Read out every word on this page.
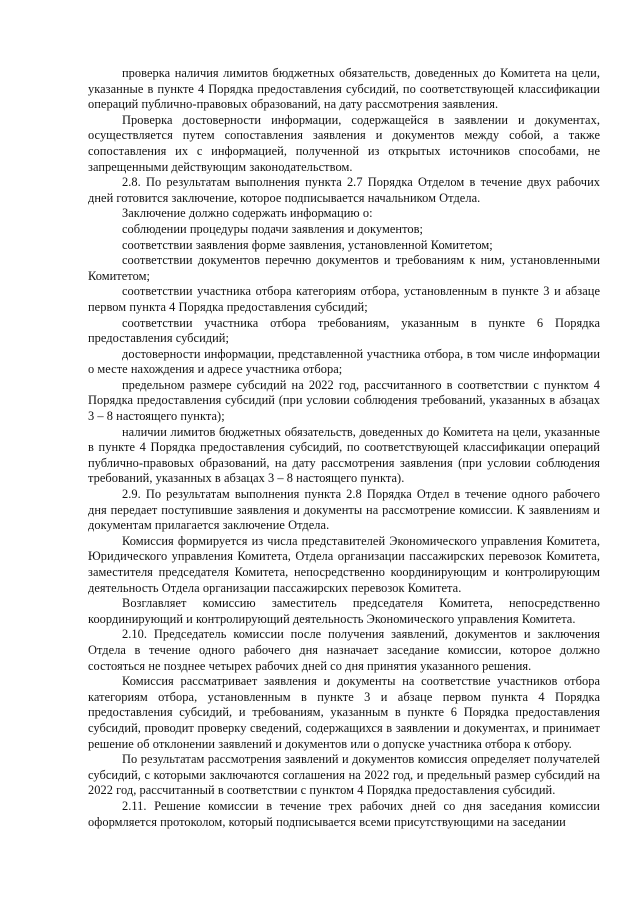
проверка наличия лимитов бюджетных обязательств, доведенных до Комитета на цели, указанные в пункте 4 Порядка предоставления субсидий, по соответствующей классификации операций публично-правовых образований, на дату рассмотрения заявления.

Проверка достоверности информации, содержащейся в заявлении и документах, осуществляется путем сопоставления заявления и документов между собой, а также сопоставления их с информацией, полученной из открытых источников способами, не запрещенными действующим законодательством.

2.8. По результатам выполнения пункта 2.7 Порядка Отделом в течение двух рабочих дней готовится заключение, которое подписывается начальником Отдела.

Заключение должно содержать информацию о:

соблюдении процедуры подачи заявления и документов;

соответствии заявления форме заявления, установленной Комитетом;

соответствии документов перечню документов и требованиям к ним, установленными Комитетом;

соответствии участника отбора категориям отбора, установленным в пункте 3 и абзаце первом пункта 4 Порядка предоставления субсидий;

соответствии участника отбора требованиям, указанным в пункте 6 Порядка предоставления субсидий;

достоверности информации, представленной участника отбора, в том числе информации о месте нахождения и адресе участника отбора;

предельном размере субсидий на 2022 год, рассчитанного в соответствии с пунктом 4 Порядка предоставления субсидий (при условии соблюдения требований, указанных в абзацах 3 – 8 настоящего пункта);

наличии лимитов бюджетных обязательств, доведенных до Комитета на цели, указанные в пункте 4 Порядка предоставления субсидий, по соответствующей классификации операций публично-правовых образований, на дату рассмотрения заявления (при условии соблюдения требований, указанных в абзацах 3 – 8 настоящего пункта).

2.9. По результатам выполнения пункта 2.8 Порядка Отдел в течение одного рабочего дня передает поступившие заявления и документы на рассмотрение комиссии. К заявлениям и документам прилагается заключение Отдела.

Комиссия формируется из числа представителей Экономического управления Комитета, Юридического управления Комитета, Отдела организации пассажирских перевозок Комитета, заместителя председателя Комитета, непосредственно координирующим и контролирующим деятельность Отдела организации пассажирских перевозок Комитета.

Возглавляет комиссию заместитель председателя Комитета, непосредственно координирующий и контролирующий деятельность Экономического управления Комитета.

2.10. Председатель комиссии после получения заявлений, документов и заключения Отдела в течение одного рабочего дня назначает заседание комиссии, которое должно состояться не позднее четырех рабочих дней со дня принятия указанного решения.

Комиссия рассматривает заявления и документы на соответствие участников отбора категориям отбора, установленным в пункте 3 и абзаце первом пункта 4 Порядка предоставления субсидий, и требованиям, указанным в пункте 6 Порядка предоставления субсидий, проводит проверку сведений, содержащихся в заявлении и документах, и принимает решение об отклонении заявлений и документов или о допуске участника отбора к отбору.

По результатам рассмотрения заявлений и документов комиссия определяет получателей субсидий, с которыми заключаются соглашения на 2022 год, и предельный размер субсидий на 2022 год, рассчитанный в соответствии с пунктом 4 Порядка предоставления субсидий.

2.11. Решение комиссии в течение трех рабочих дней со дня заседания комиссии оформляется протоколом, который подписывается всеми присутствующими на заседании
